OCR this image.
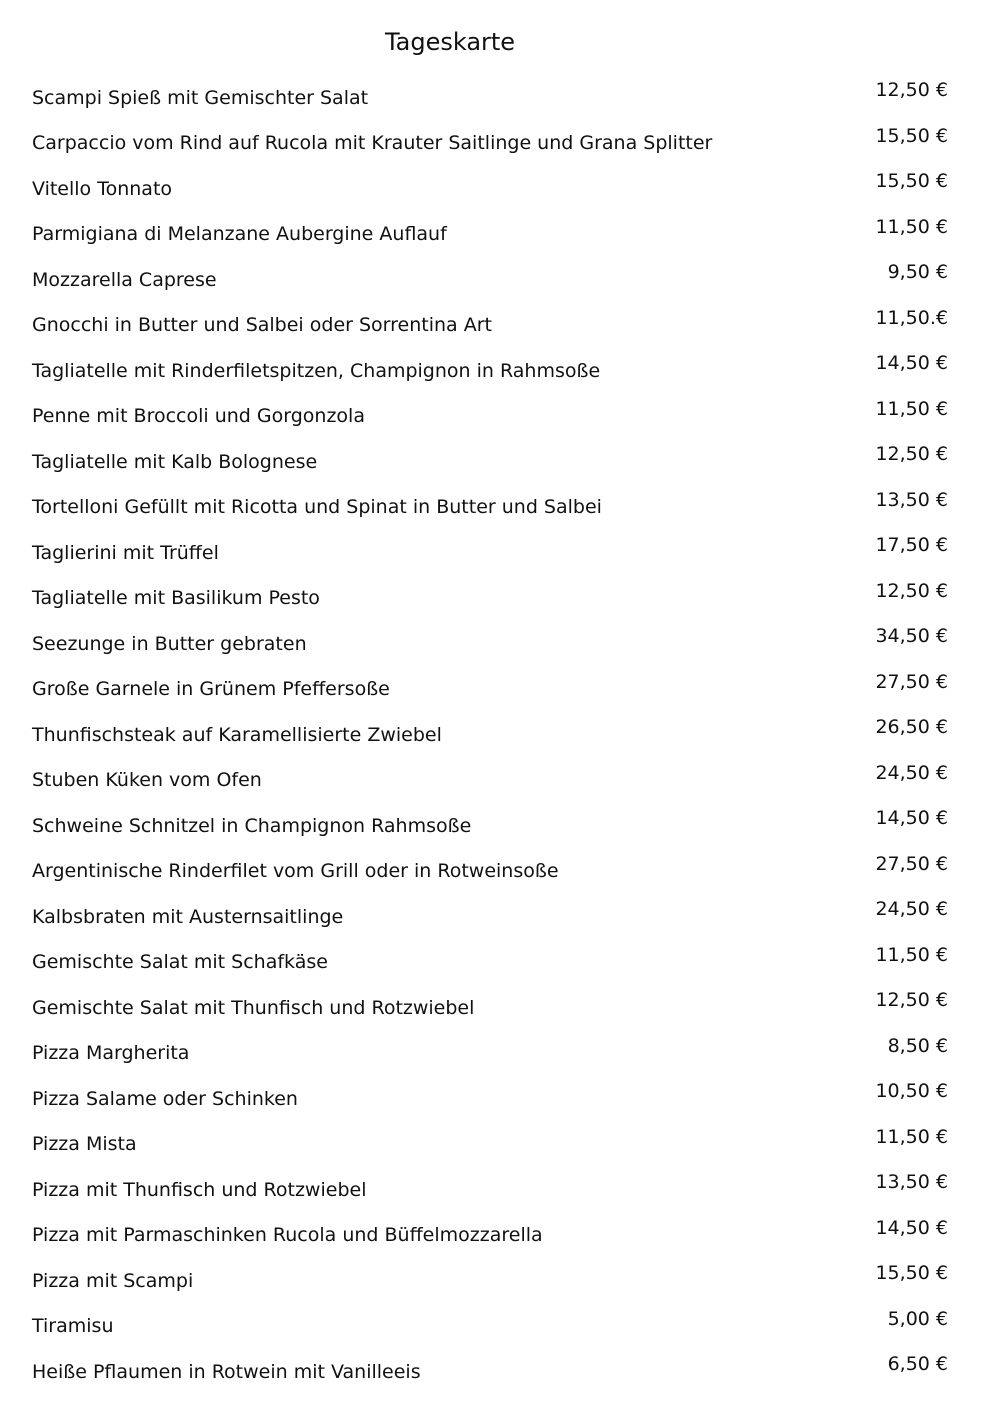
Tageskarte
Scampi Spieß mit Gemischter Salat	12,50 €
Carpaccio vom Rind auf Rucola mit Krauter Saitlinge und Grana Splitter	15,50 €
Vitello Tonnato	15,50 €
Parmigiana di Melanzane Aubergine Auflauf	11,50 €
Mozzarella Caprese	9,50 €
Gnocchi in Butter und Salbei oder Sorrentina Art	11,50.€
Tagliatelle mit Rinderfiletspitzen, Champignon in Rahmsoße	14,50 €
Penne mit Broccoli und Gorgonzola	11,50 €
Tagliatelle mit Kalb Bolognese	12,50 €
Tortelloni Gefüllt mit Ricotta und Spinat in Butter und Salbei	13,50 €
Taglierini mit Trüffel	17,50 €
Tagliatelle mit Basilikum Pesto	12,50 €
Seezunge in Butter gebraten	34,50 €
Große Garnele in Grünem Pfeffersoße	27,50 €
Thunfischsteak auf Karamellisierte Zwiebel	26,50 €
Stuben Küken vom Ofen	24,50 €
Schweine Schnitzel in Champignon Rahmsoße	14,50 €
Argentinische Rinderfilet vom Grill oder in Rotweinsoße	27,50 €
Kalbsbraten mit Austernsaitlinge	24,50 €
Gemischte Salat mit Schafkäse	11,50 €
Gemischte Salat mit Thunfisch und Rotzwiebel	12,50 €
Pizza Margherita	8,50 €
Pizza Salame oder Schinken	10,50 €
Pizza Mista	11,50 €
Pizza mit Thunfisch und Rotzwiebel	13,50 €
Pizza mit Parmaschinken Rucola und Büffelmozzarella	14,50 €
Pizza mit Scampi	15,50 €
Tiramisu	5,00 €
Heiße Pflaumen in Rotwein mit Vanilleeis	6,50 €
